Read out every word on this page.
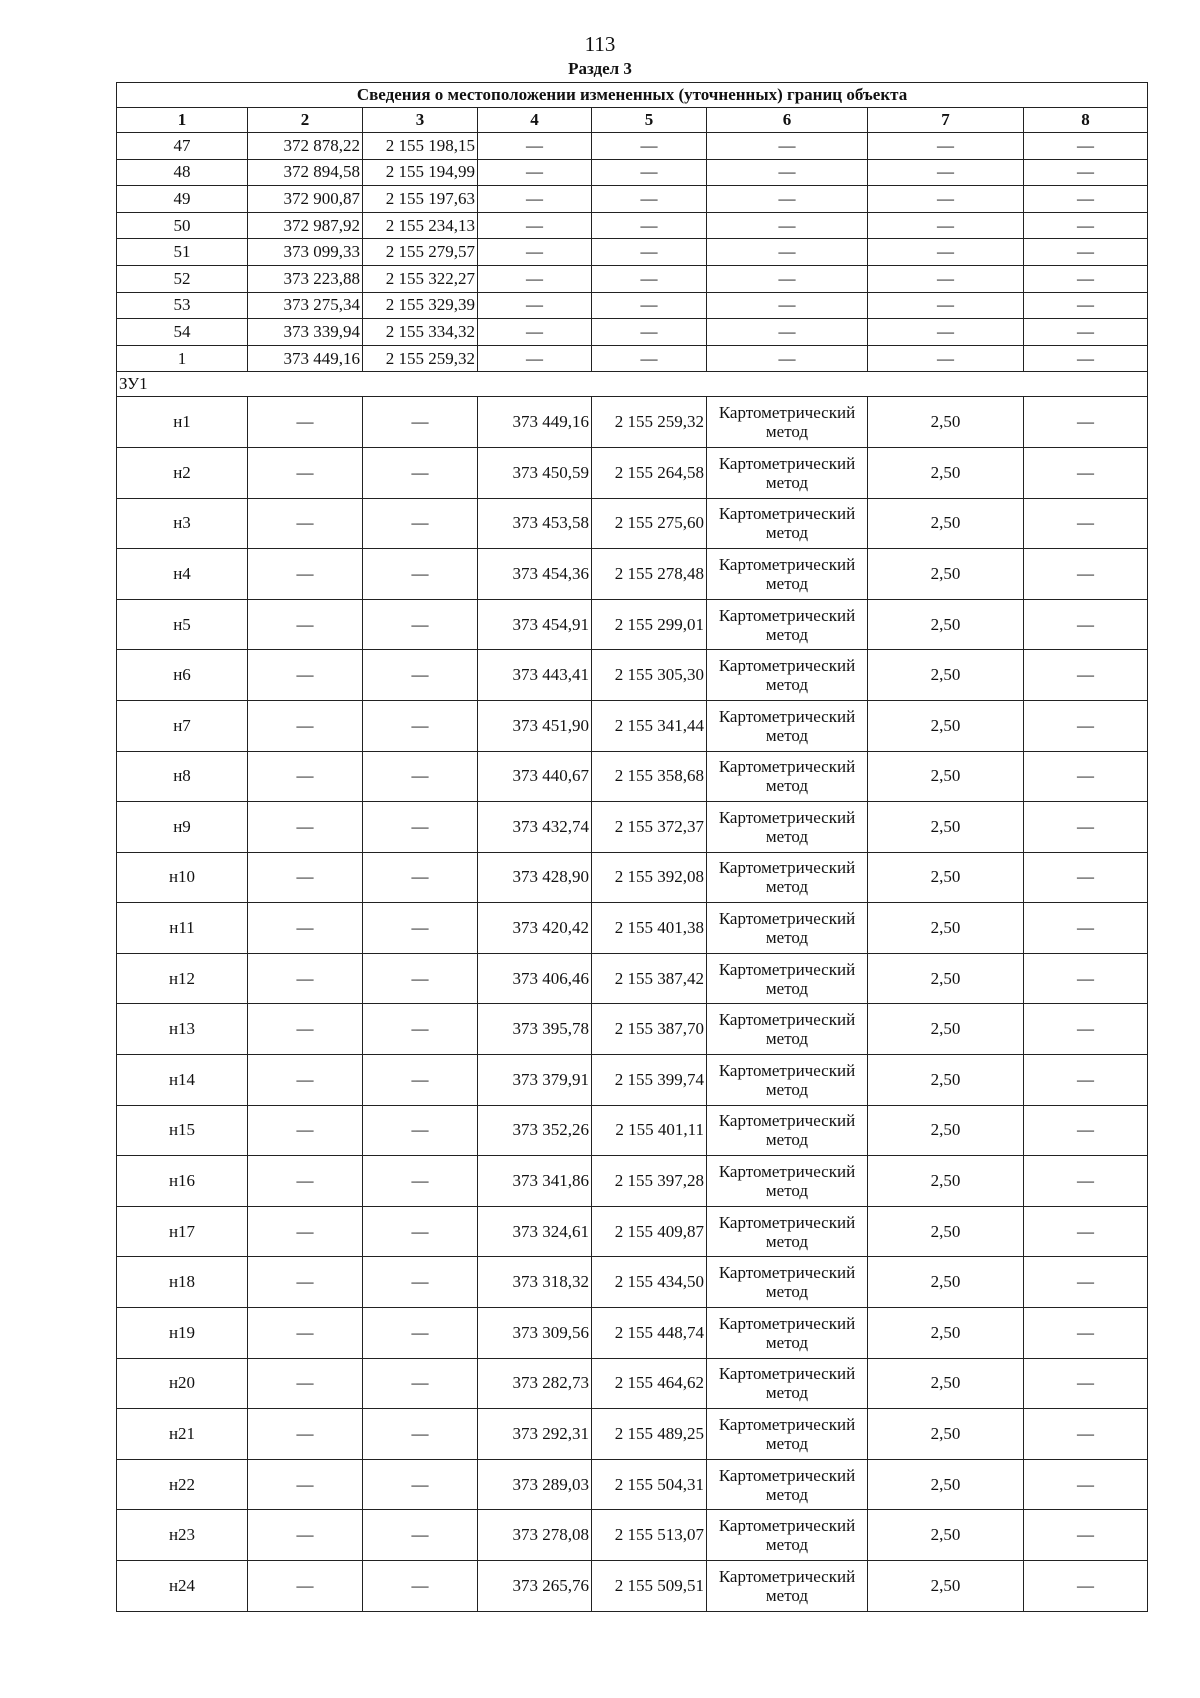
113
Раздел 3
Сведения о местоположении измененных (уточненных) границ объекта							
1	2	3	4	5	6	7	8
47	372 878,22	2 155 198,15	—	—	—	—	—
48	372 894,58	2 155 194,99	—	—	—	—	—
49	372 900,87	2 155 197,63	—	—	—	—	—
50	372 987,92	2 155 234,13	—	—	—	—	—
51	373 099,33	2 155 279,57	—	—	—	—	—
52	373 223,88	2 155 322,27	—	—	—	—	—
53	373 275,34	2 155 329,39	—	—	—	—	—
54	373 339,94	2 155 334,32	—	—	—	—	—
1	373 449,16	2 155 259,32	—	—	—	—	—
ЗУ1							
н1	—	—	373 449,16	2 155 259,32	Картометрический метод	2,50	—
н2	—	—	373 450,59	2 155 264,58	Картометрический метод	2,50	—
н3	—	—	373 453,58	2 155 275,60	Картометрический метод	2,50	—
н4	—	—	373 454,36	2 155 278,48	Картометрический метод	2,50	—
н5	—	—	373 454,91	2 155 299,01	Картометрический метод	2,50	—
н6	—	—	373 443,41	2 155 305,30	Картометрический метод	2,50	—
н7	—	—	373 451,90	2 155 341,44	Картометрический метод	2,50	—
н8	—	—	373 440,67	2 155 358,68	Картометрический метод	2,50	—
н9	—	—	373 432,74	2 155 372,37	Картометрический метод	2,50	—
н10	—	—	373 428,90	2 155 392,08	Картометрический метод	2,50	—
н11	—	—	373 420,42	2 155 401,38	Картометрический метод	2,50	—
н12	—	—	373 406,46	2 155 387,42	Картометрический метод	2,50	—
н13	—	—	373 395,78	2 155 387,70	Картометрический метод	2,50	—
н14	—	—	373 379,91	2 155 399,74	Картометрический метод	2,50	—
н15	—	—	373 352,26	2 155 401,11	Картометрический метод	2,50	—
н16	—	—	373 341,86	2 155 397,28	Картометрический метод	2,50	—
н17	—	—	373 324,61	2 155 409,87	Картометрический метод	2,50	—
н18	—	—	373 318,32	2 155 434,50	Картометрический метод	2,50	—
н19	—	—	373 309,56	2 155 448,74	Картометрический метод	2,50	—
н20	—	—	373 282,73	2 155 464,62	Картометрический метод	2,50	—
н21	—	—	373 292,31	2 155 489,25	Картометрический метод	2,50	—
н22	—	—	373 289,03	2 155 504,31	Картометрический метод	2,50	—
н23	—	—	373 278,08	2 155 513,07	Картометрический метод	2,50	—
н24	—	—	373 265,76	2 155 509,51	Картометрический метод	2,50	—
